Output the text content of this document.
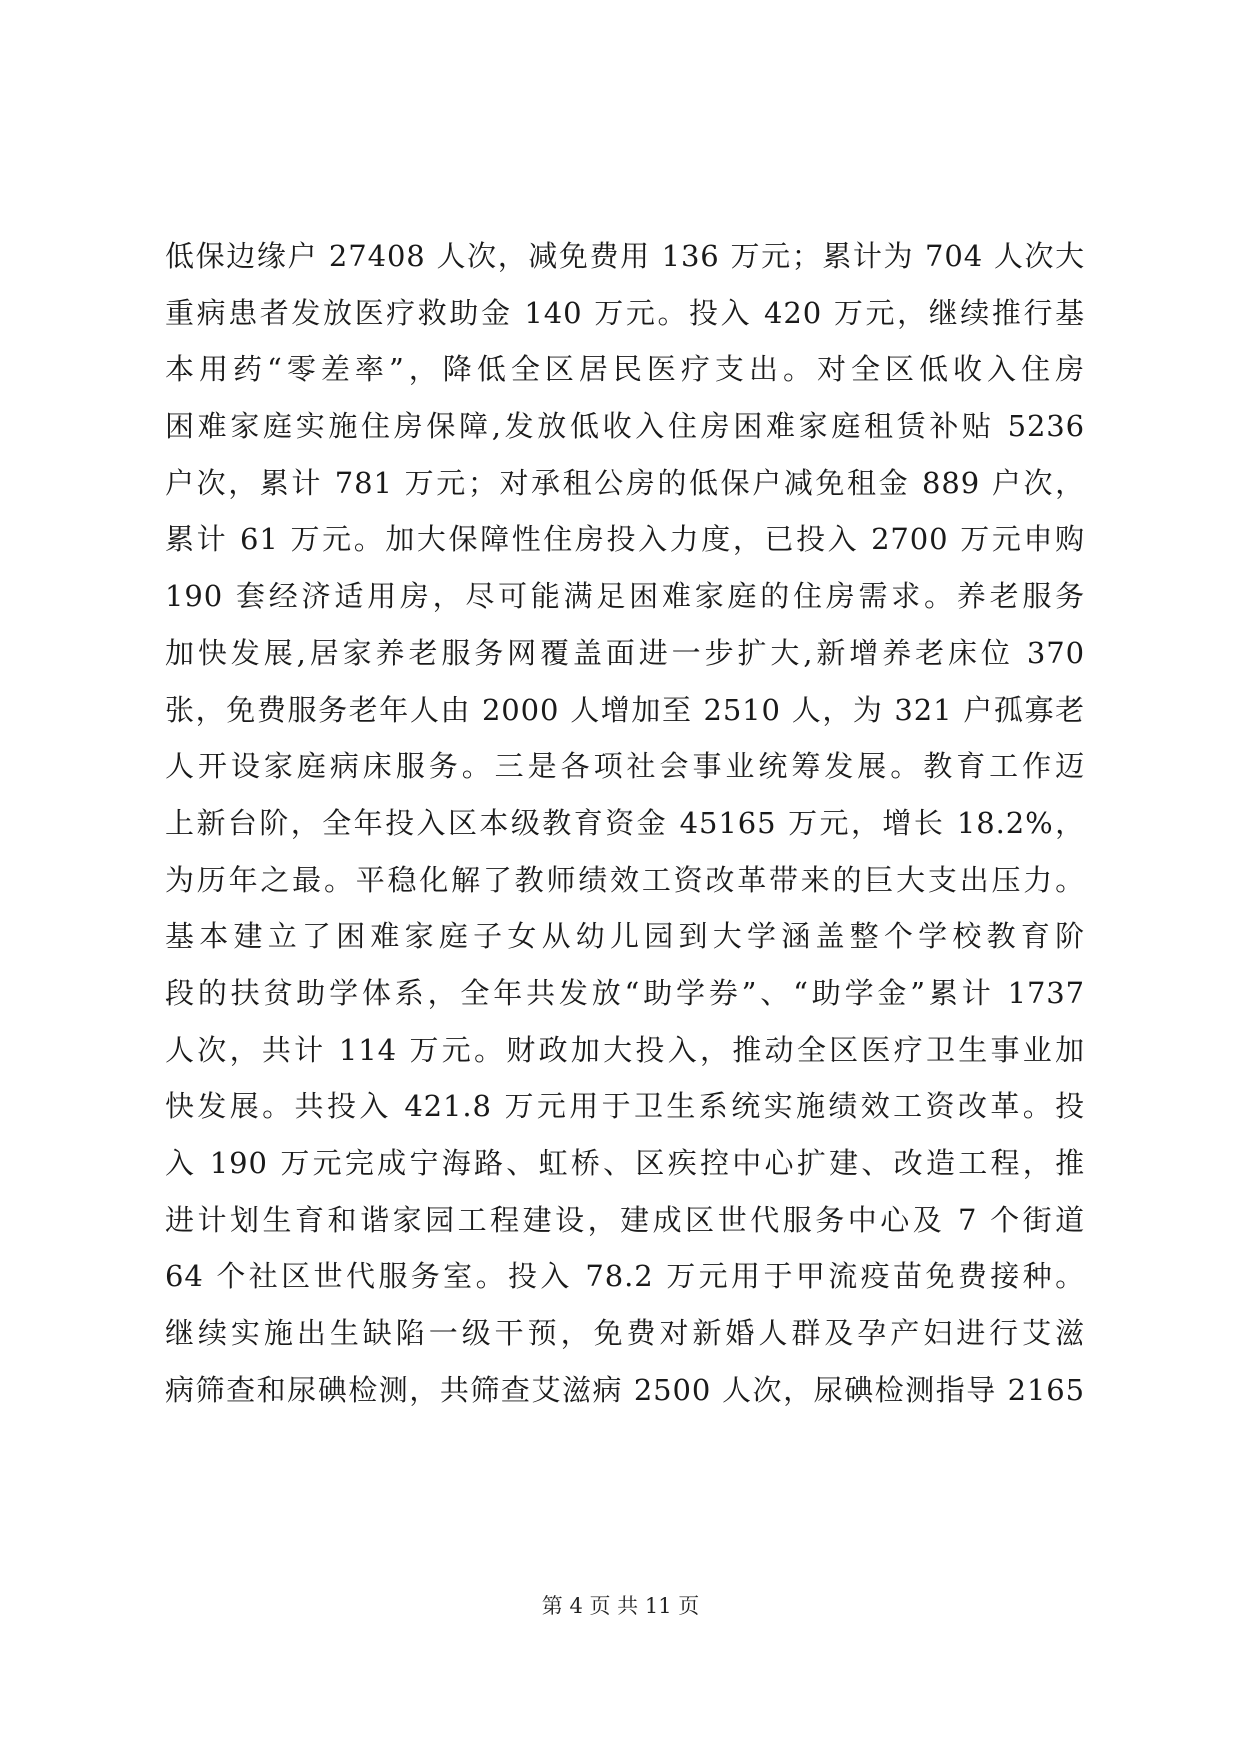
低保边缘户 27408 人次，减免费用 136 万元；累计为 704 人次大
重病患者发放医疗救助金 140 万元。投入 420 万元，继续推行基
本用药“零差率”，降低全区居民医疗支出。对全区低收入住房
困难家庭实施住房保障,发放低收入住房困难家庭租赁补贴 5236
户次，累计 781 万元；对承租公房的低保户减免租金 889 户次，
累计 61 万元。加大保障性住房投入力度，已投入 2700 万元申购
190 套经济适用房，尽可能满足困难家庭的住房需求。养老服务
加快发展,居家养老服务网覆盖面进一步扩大,新增养老床位 370
张，免费服务老年人由 2000 人增加至 2510 人，为 321 户孤寡老
人开设家庭病床服务。三是各项社会事业统筹发展。教育工作迈
上新台阶，全年投入区本级教育资金 45165 万元，增长 18.2%，
为历年之最。平稳化解了教师绩效工资改革带来的巨大支出压力。
基本建立了困难家庭子女从幼儿园到大学涵盖整个学校教育阶
段的扶贫助学体系，全年共发放“助学券”、“助学金”累计 1737
人次，共计 114 万元。财政加大投入，推动全区医疗卫生事业加
快发展。共投入 421.8 万元用于卫生系统实施绩效工资改革。投
入 190 万元完成宁海路、虹桥、区疾控中心扩建、改造工程，推
进计划生育和谐家园工程建设，建成区世代服务中心及 7 个街道
64 个社区世代服务室。投入 78.2 万元用于甲流疫苗免费接种。
继续实施出生缺陷一级干预，免费对新婚人群及孕产妇进行艾滋
病筛查和尿碘检测，共筛查艾滋病 2500 人次，尿碘检测指导 2165
第 4 页 共 11 页
